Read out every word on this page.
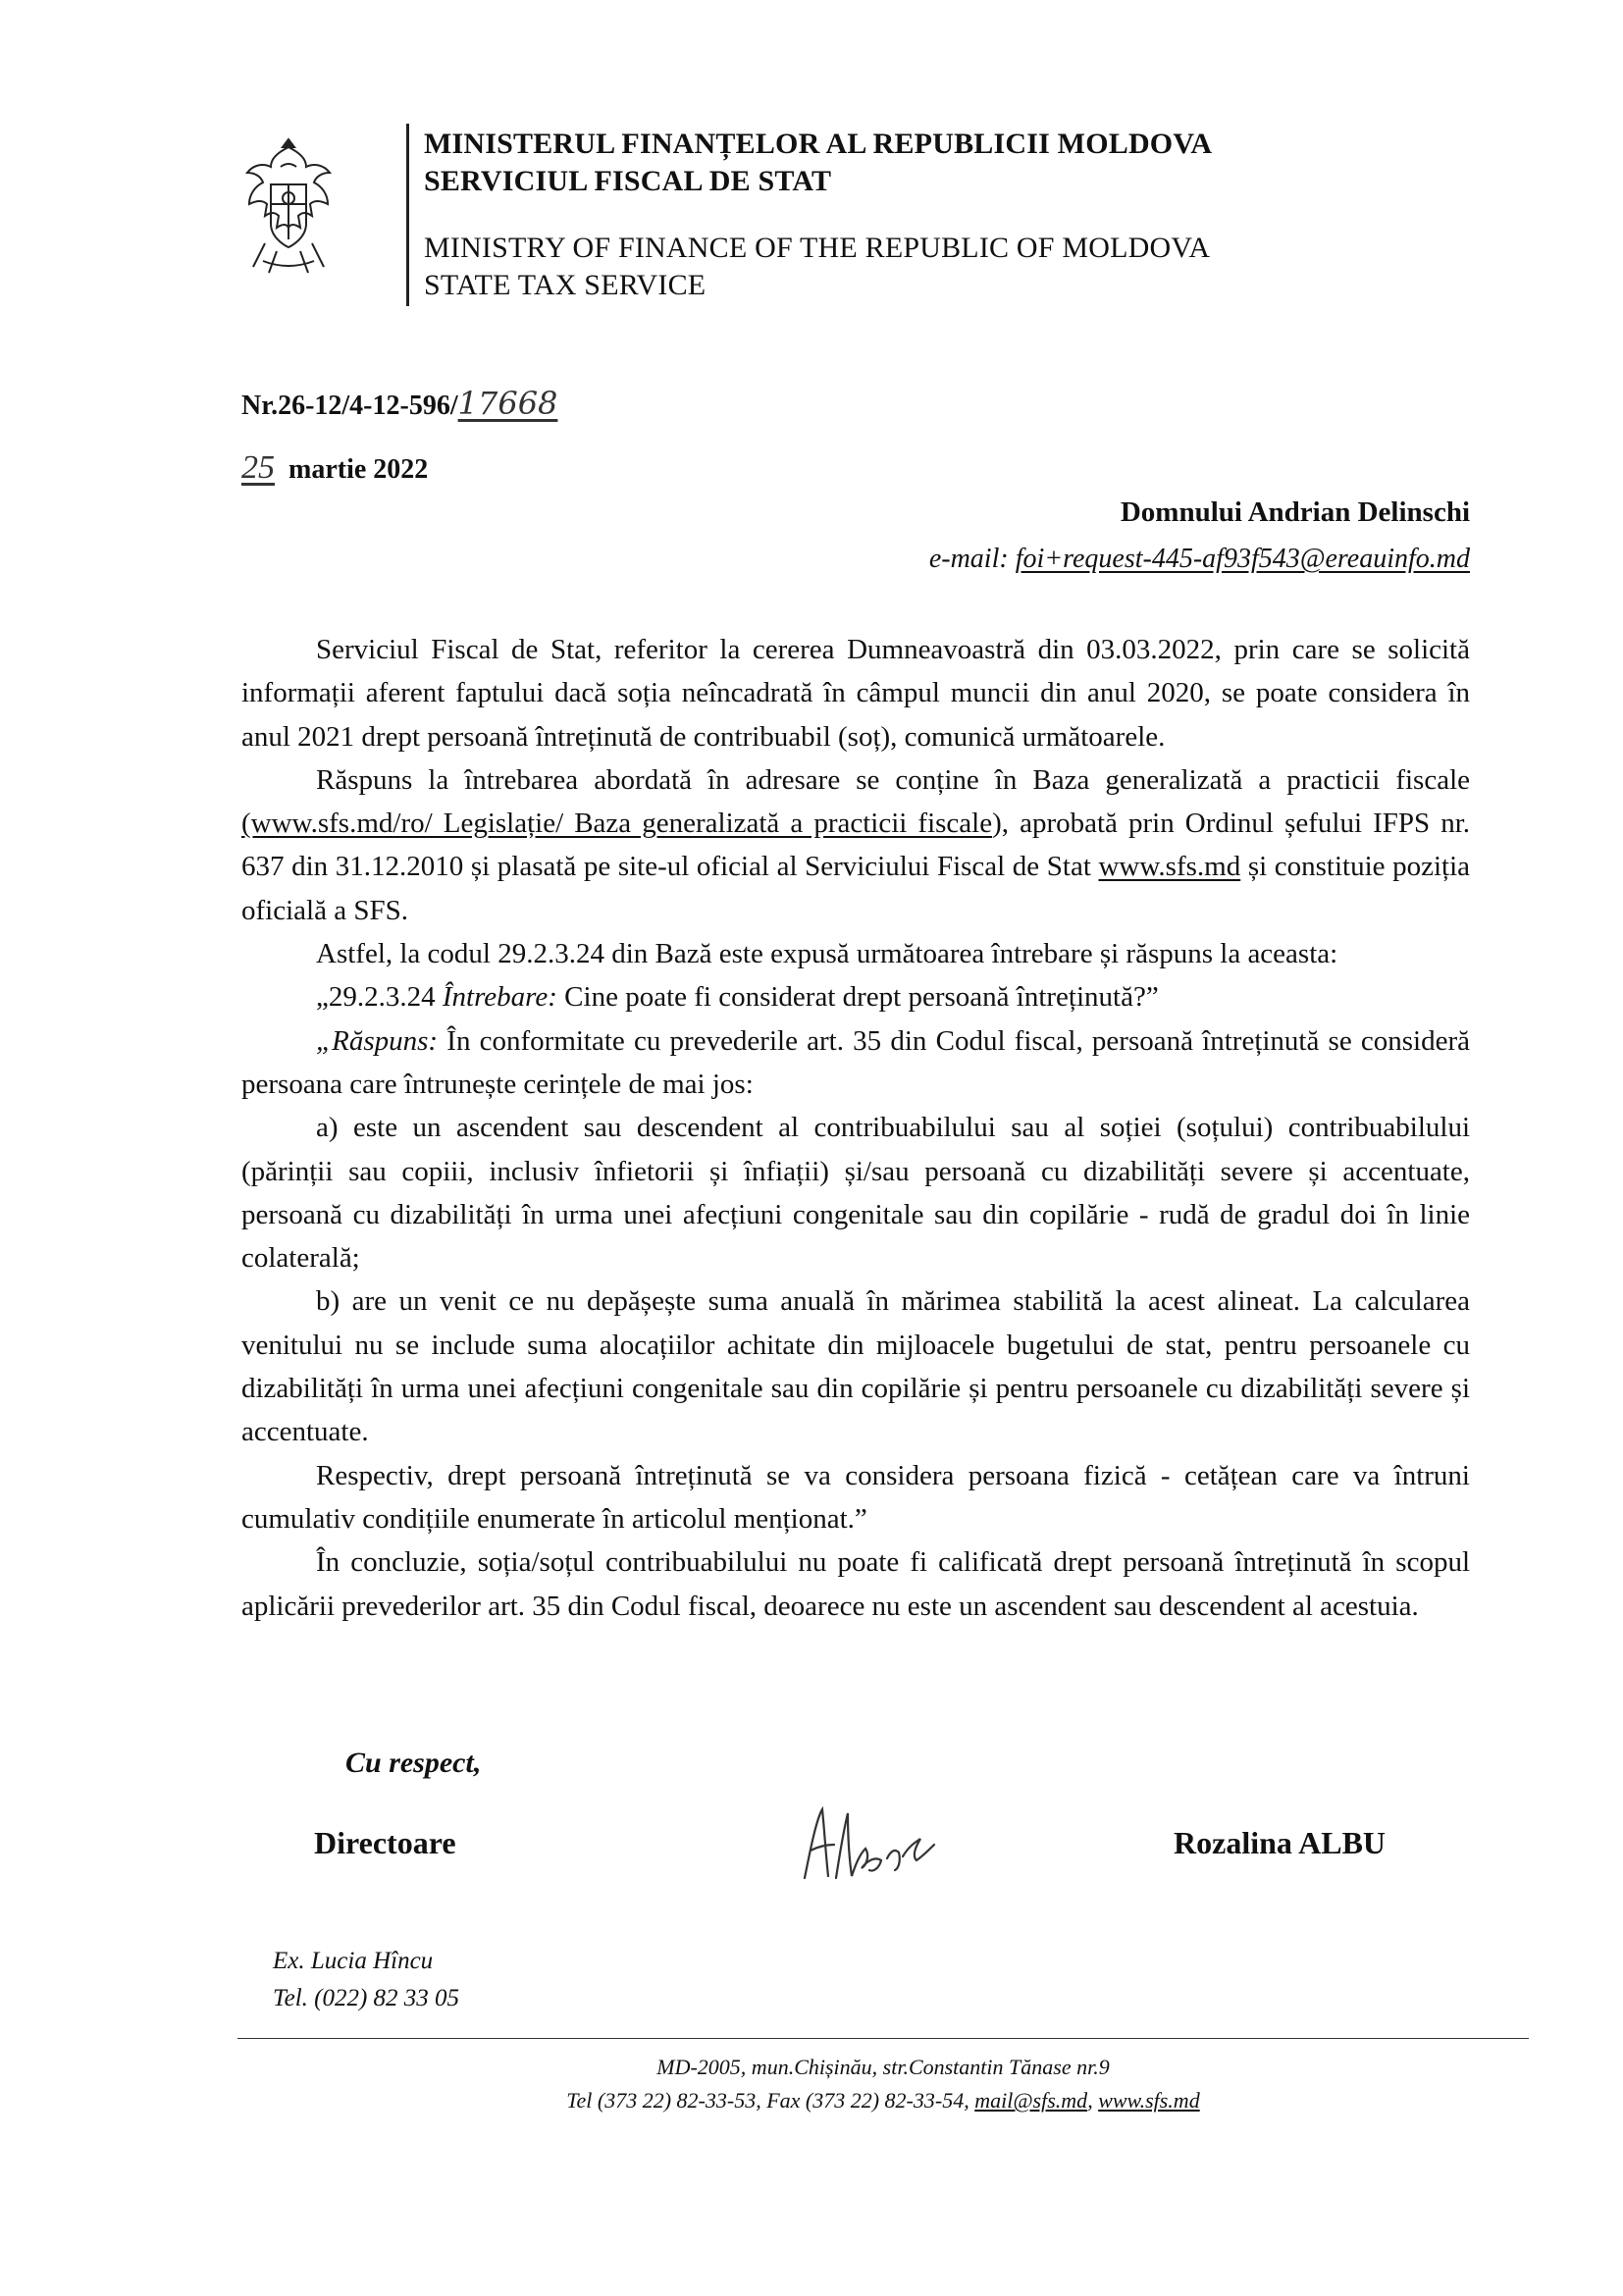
MINISTERUL FINANȚELOR AL REPUBLICII MOLDOVA
SERVICIUL FISCAL DE STAT
MINISTRY OF FINANCE OF THE REPUBLIC OF MOLDOVA
STATE TAX SERVICE
Nr.26-12/4-12-596/17668
25 martie 2022
Domnului Andrian Delinschi
e-mail: foi+request-445-af93f543@ereauinfo.md

Serviciul Fiscal de Stat, referitor la cererea Dumneavoastră din 03.03.2022, prin care se solicită informații aferent faptului dacă soția neîncadrată în câmpul muncii din anul 2020, se poate considera în anul 2021 drept persoană întreținută de contribuabil (soț), comunică următoarele.

Răspuns la întrebarea abordată în adresare se conține în Baza generalizată a practicii fiscale (www.sfs.md/ro/ Legislație/ Baza generalizată a practicii fiscale), aprobată prin Ordinul șefului IFPS nr. 637 din 31.12.2010 și plasată pe site-ul oficial al Serviciului Fiscal de Stat www.sfs.md și constituie poziția oficială a SFS.

Astfel, la codul 29.2.3.24 din Bază este expusă următoarea întrebare și răspuns la aceasta:

„29.2.3.24 Întrebare: Cine poate fi considerat drept persoană întreținută?”

„Răspuns: În conformitate cu prevederile art. 35 din Codul fiscal, persoană întreținută se consideră persoana care întrunește cerințele de mai jos:

a) este un ascendent sau descendent al contribuabilului sau al soției (soțului) contribuabilului (părinții sau copiii, inclusiv înfietorii și înfiații) și/sau persoană cu dizabilități severe și accentuate, persoană cu dizabilități în urma unei afecțiuni congenitale sau din copilărie - rudă de gradul doi în linie colaterală;

b) are un venit ce nu depășește suma anuală în mărimea stabilită la acest alineat. La calcularea venitului nu se include suma alocațiilor achitate din mijloacele bugetului de stat, pentru persoanele cu dizabilități în urma unei afecțiuni congenitale sau din copilărie și pentru persoanele cu dizabilități severe și accentuate.

Respectiv, drept persoană întreținută se va considera persoana fizică - cetățean care va întruni cumulativ condițiile enumerate în articolul menționat.”

În concluzie, soția/soțul contribuabilului nu poate fi calificată drept persoană întreținută în scopul aplicării prevederilor art. 35 din Codul fiscal, deoarece nu este un ascendent sau descendent al acestuia.

Cu respect,
Directoare	Rozalina ALBU
Ex. Lucia Hîncu
Tel. (022) 82 33 05
MD-2005, mun.Chișinău, str.Constantin Tănase nr.9
Tel (373 22) 82-33-53, Fax (373 22) 82-33-54, mail@sfs.md, www.sfs.md
